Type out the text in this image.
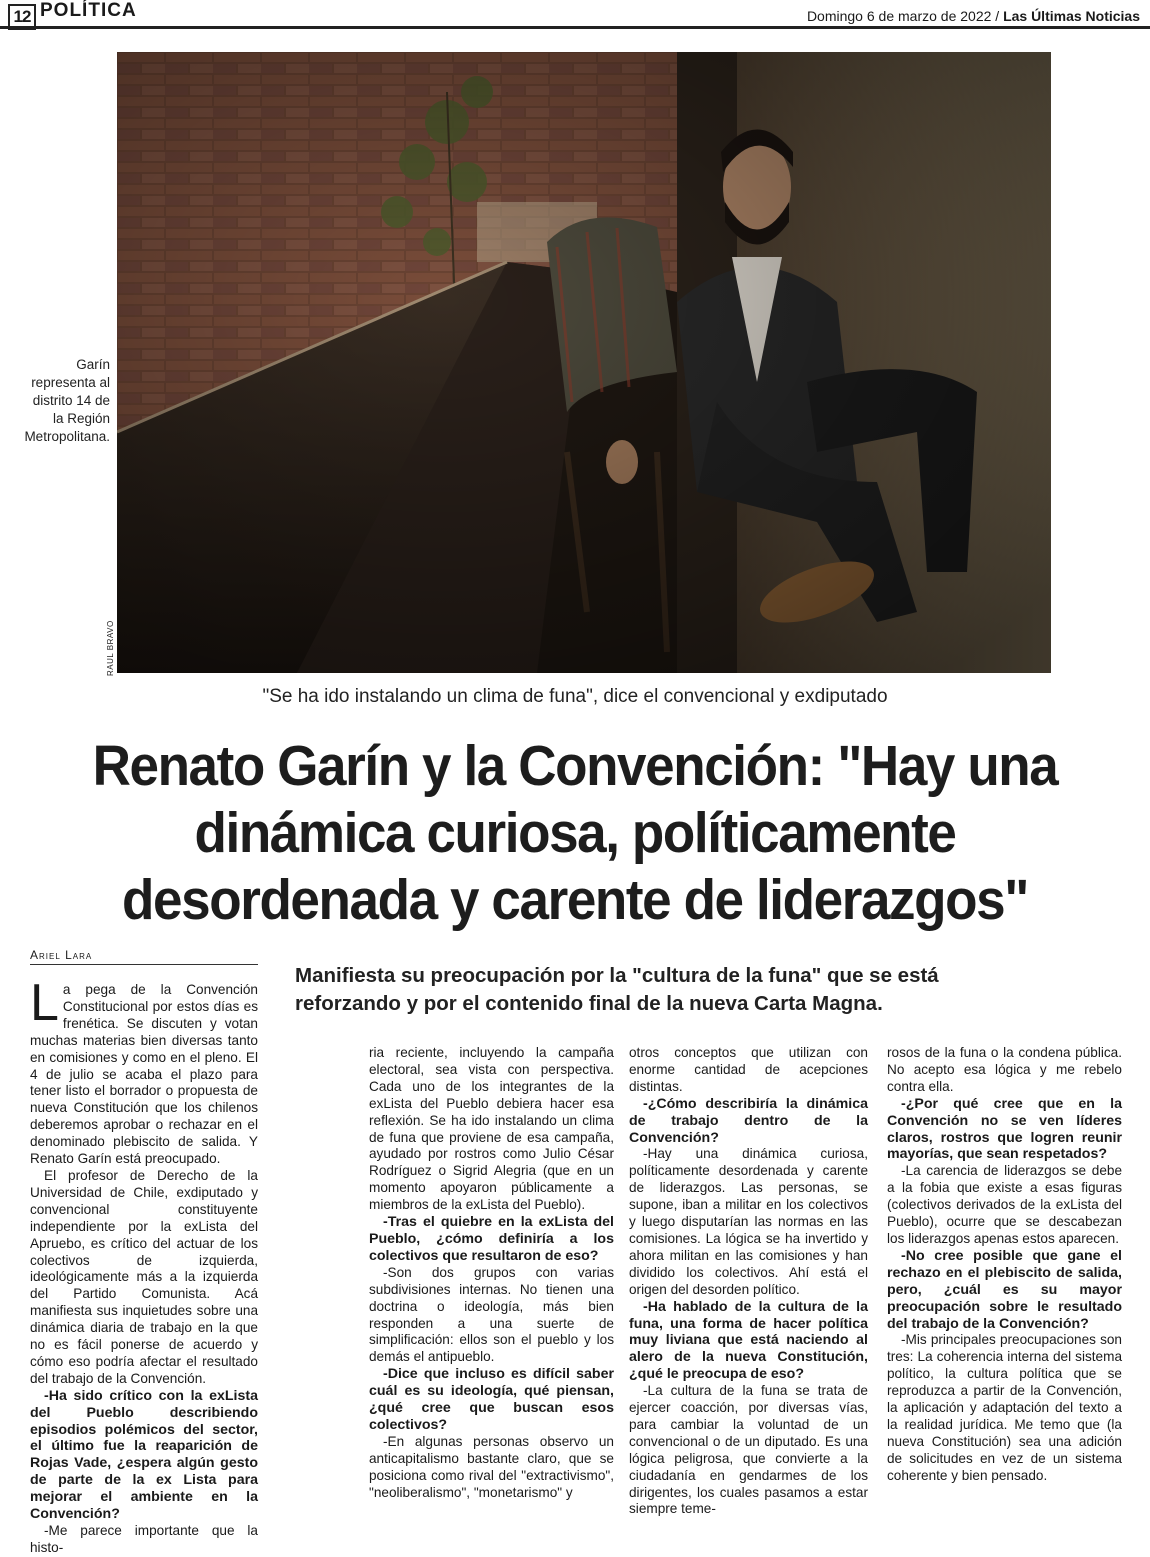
12 POLÍTICA	Domingo 6 de marzo de 2022 / Las Últimas Noticias
RAUL BRAVO
Garín representa al distrito 14 de la Región Metropolitana.
"Se ha ido instalando un clima de funa", dice el convencional y exdiputado
Renato Garín y la Convención: "Hay una dinámica curiosa, políticamente desordenada y carente de liderazgos"
Ariel Lara
Manifiesta su preocupación por la "cultura de la funa" que se está reforzando y por el contenido final de la nueva Carta Magna.
L a pega de la Convención Constitucional por estos días es frenética. Se discuten y votan muchas materias bien diversas tanto en comisiones y como en el pleno. El 4 de julio se acaba el plazo para tener listo el borrador o propuesta de nueva Constitución que los chilenos deberemos aprobar o rechazar en el denominado plebiscito de salida. Y Renato Garín está preocupado.

El profesor de Derecho de la Universidad de Chile, exdiputado y convencional constituyente independiente por la exLista del Apruebo, es crítico del actuar de los colectivos de izquierda, ideológicamente más a la izquierda del Partido Comunista. Acá manifiesta sus inquietudes sobre una dinámica diaria de trabajo en la que no es fácil ponerse de acuerdo y cómo eso podría afectar el resultado del trabajo de la Convención.

-Ha sido crítico con la exLista del Pueblo describiendo episodios polémicos del sector, el último fue la reaparición de Rojas Vade, ¿espera algún gesto de parte de la ex Lista para mejorar el ambiente en la Convención?

-Me parece importante que la histo-

ria reciente, incluyendo la campaña electoral, sea vista con perspectiva. Cada uno de los integrantes de la exLista del Pueblo debiera hacer esa reflexión. Se ha ido instalando un clima de funa que proviene de esa campaña, ayudado por rostros como Julio César Rodríguez o Sigrid Alegria (que en un momento apoyaron públicamente a miembros de la exLista del Pueblo).

-Tras el quiebre en la exLista del Pueblo, ¿cómo definiría a los colectivos que resultaron de eso?

-Son dos grupos con varias subdivisiones internas. No tienen una doctrina o ideología, más bien responden a una suerte de simplificación: ellos son el pueblo y los demás el antipueblo.

-Dice que incluso es difícil saber cuál es su ideología, qué piensan, ¿qué cree que buscan esos colectivos?

-En algunas personas observo un anticapitalismo bastante claro, que se posiciona como rival del "extractivismo", "neoliberalismo", "monetarismo" y

otros conceptos que utilizan con enorme cantidad de acepciones distintas.

-¿Cómo describiría la dinámica de trabajo dentro de la Convención?

-Hay una dinámica curiosa, políticamente desordenada y carente de liderazgos. Las personas, se supone, iban a militar en los colectivos y luego disputarían las normas en las comisiones. La lógica se ha invertido y ahora militan en las comisiones y han dividido los colectivos. Ahí está el origen del desorden político.

-Ha hablado de la cultura de la funa, una forma de hacer política muy liviana que está naciendo al alero de la nueva Constitución, ¿qué le preocupa de eso?

-La cultura de la funa se trata de ejercer coacción, por diversas vías, para cambiar la voluntad de un convencional o de un diputado. Es una lógica peligrosa, que convierte a la ciudadanía en gendarmes de los dirigentes, los cuales pasamos a estar siempre teme-

rosos de la funa o la condena pública. No acepto esa lógica y me rebelo contra ella.

-¿Por qué cree que en la Convención no se ven líderes claros, rostros que logren reunir mayorías, que sean respetados?

-La carencia de liderazgos se debe a la fobia que existe a esas figuras (colectivos derivados de la exLista del Pueblo), ocurre que se descabezan los liderazgos apenas estos aparecen.

-No cree posible que gane el rechazo en el plebiscito de salida, pero, ¿cuál es su mayor preocupación sobre le resultado del trabajo de la Convención?

-Mis principales preocupaciones son tres: La coherencia interna del sistema político, la cultura política que se reproduzca a partir de la Convención, la aplicación y adaptación del texto a la realidad jurídica. Me temo que (la nueva Constitución) sea una adición de solicitudes en vez de un sistema coherente y bien pensado.
